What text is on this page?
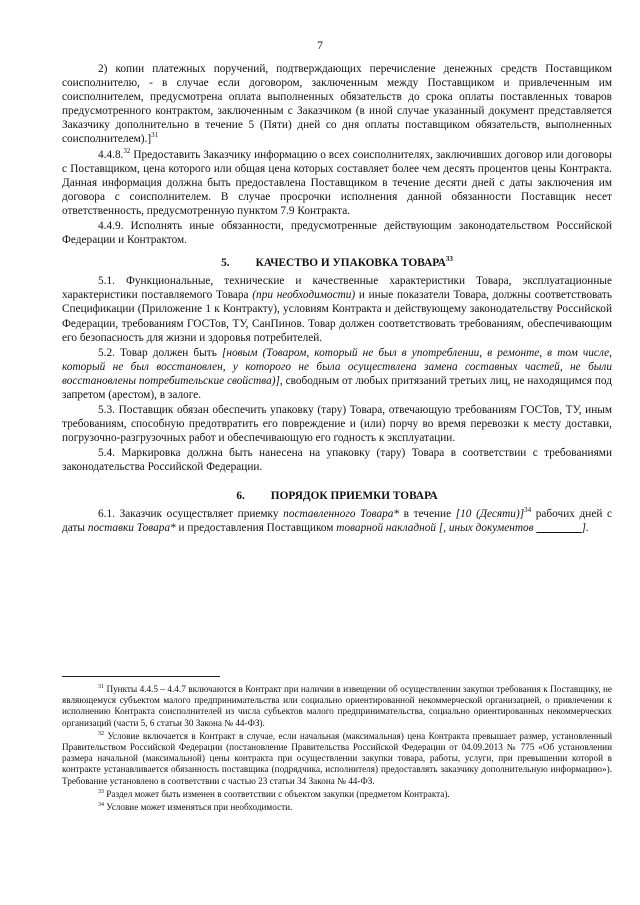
7

2) копии платежных поручений, подтверждающих перечисление денежных средств Поставщиком соисполнителю, - в случае если договором, заключенным между Поставщиком и привлеченным им соисполнителем, предусмотрена оплата выполненных обязательств до срока оплаты поставленных товаров предусмотренного контрактом, заключенным с Заказчиком (в иной случае указанный документ представляется Заказчику дополнительно в течение 5 (Пяти) дней со дня оплаты поставщиком обязательств, выполненных соисполнителем).]$^{31}$

4.4.8.32 Предоставить Заказчику информацию о всех соисполнителях, заключивших договор или договоры с Поставщиком, цена которого или общая цена которых составляет более чем десять процентов цены Контракта. Данная информация должна быть предоставлена Поставщиком в течение десяти дней с даты заключения им договора с соисполнителем. В случае просрочки исполнения данной обязанности Поставщик несет ответственность, предусмотренную пунктом 7.9 Контракта.

4.4.9. Исполнять иные обязанности, предусмотренные действующим законодательством Российской Федерации и Контрактом.

5. КАЧЕСТВО И УПАКОВКА ТОВАРА$^{33}$

5.1. Функциональные, технические и качественные характеристики Товара, эксплуатационные характеристики поставляемого Товара (при необходимости) и иные показатели Товара, должны соответствовать Спецификации (Приложение 1 к Контракту), условиям Контракта и действующему законодательству Российской Федерации, требованиям ГОСТов, ТУ, СанПинов. Товар должен соответствовать требованиям, обеспечивающим его безопасность для жизни и здоровья потребителей.

5.2. Товар должен быть [новым (Товаром, который не был в употреблении, в ремонте, в том числе, который не был восстановлен, у которого не была осуществлена замена составных частей, не были восстановлены потребительские свойства)], свободным от любых притязаний третьих лиц, не находящимся под запретом (арестом), в залоге.

5.3. Поставщик обязан обеспечить упаковку (тару) Товара, отвечающую требованиям ГОСТов, ТУ, иным требованиям, способную предотвратить его повреждение и (или) порчу во время перевозки к месту доставки, погрузочно-разгрузочных работ и обеспечивающую его годность к эксплуатации.

5.4. Маркировка должна быть нанесена на упаковку (тару) Товара в соответствии с требованиями законодательства Российской Федерации.

6. ПОРЯДОК ПРИЕМКИ ТОВАРА

6.1. Заказчик осуществляет приемку поставленного Товара* в течение [10 (Десяти)]$^{34}$ рабочих дней с даты поставки Товара* и предоставления Поставщиком товарной накладной [, иных документов ________].

$^{31}$ Пункты 4.4.5 – 4.4.7 включаются в Контракт при наличии в извещении об осуществлении закупки требования к Поставщику, не являющемуся субъектом малого предпринимательства или социально ориентированной некоммерческой организацией, о привлечении к исполнению Контракта соисполнителей из числа субъектов малого предпринимательства, социально ориентированных некоммерческих организаций (части 5, 6 статьи 30 Закона № 44-ФЗ).

$^{32}$ Условие включается в Контракт в случае, если начальная (максимальная) цена Контракта превышает размер, установленный Правительством Российской Федерации (постановление Правительства Российской Федерации от 04.09.2013 № 775 «Об установлении размера начальной (максимальной) цены контракта при осуществлении закупки товара, работы, услуги, при превышении которой в контракте устанавливается обязанность поставщика (подрядчика, исполнителя) предоставлять заказчику дополнительную информацию»). Требование установлено в соответствии с частью 23 статьи 34 Закона № 44-ФЗ.

$^{33}$ Раздел может быть изменен в соответствии с объектом закупки (предметом Контракта).

$^{34}$ Условие может изменяться при необходимости.
